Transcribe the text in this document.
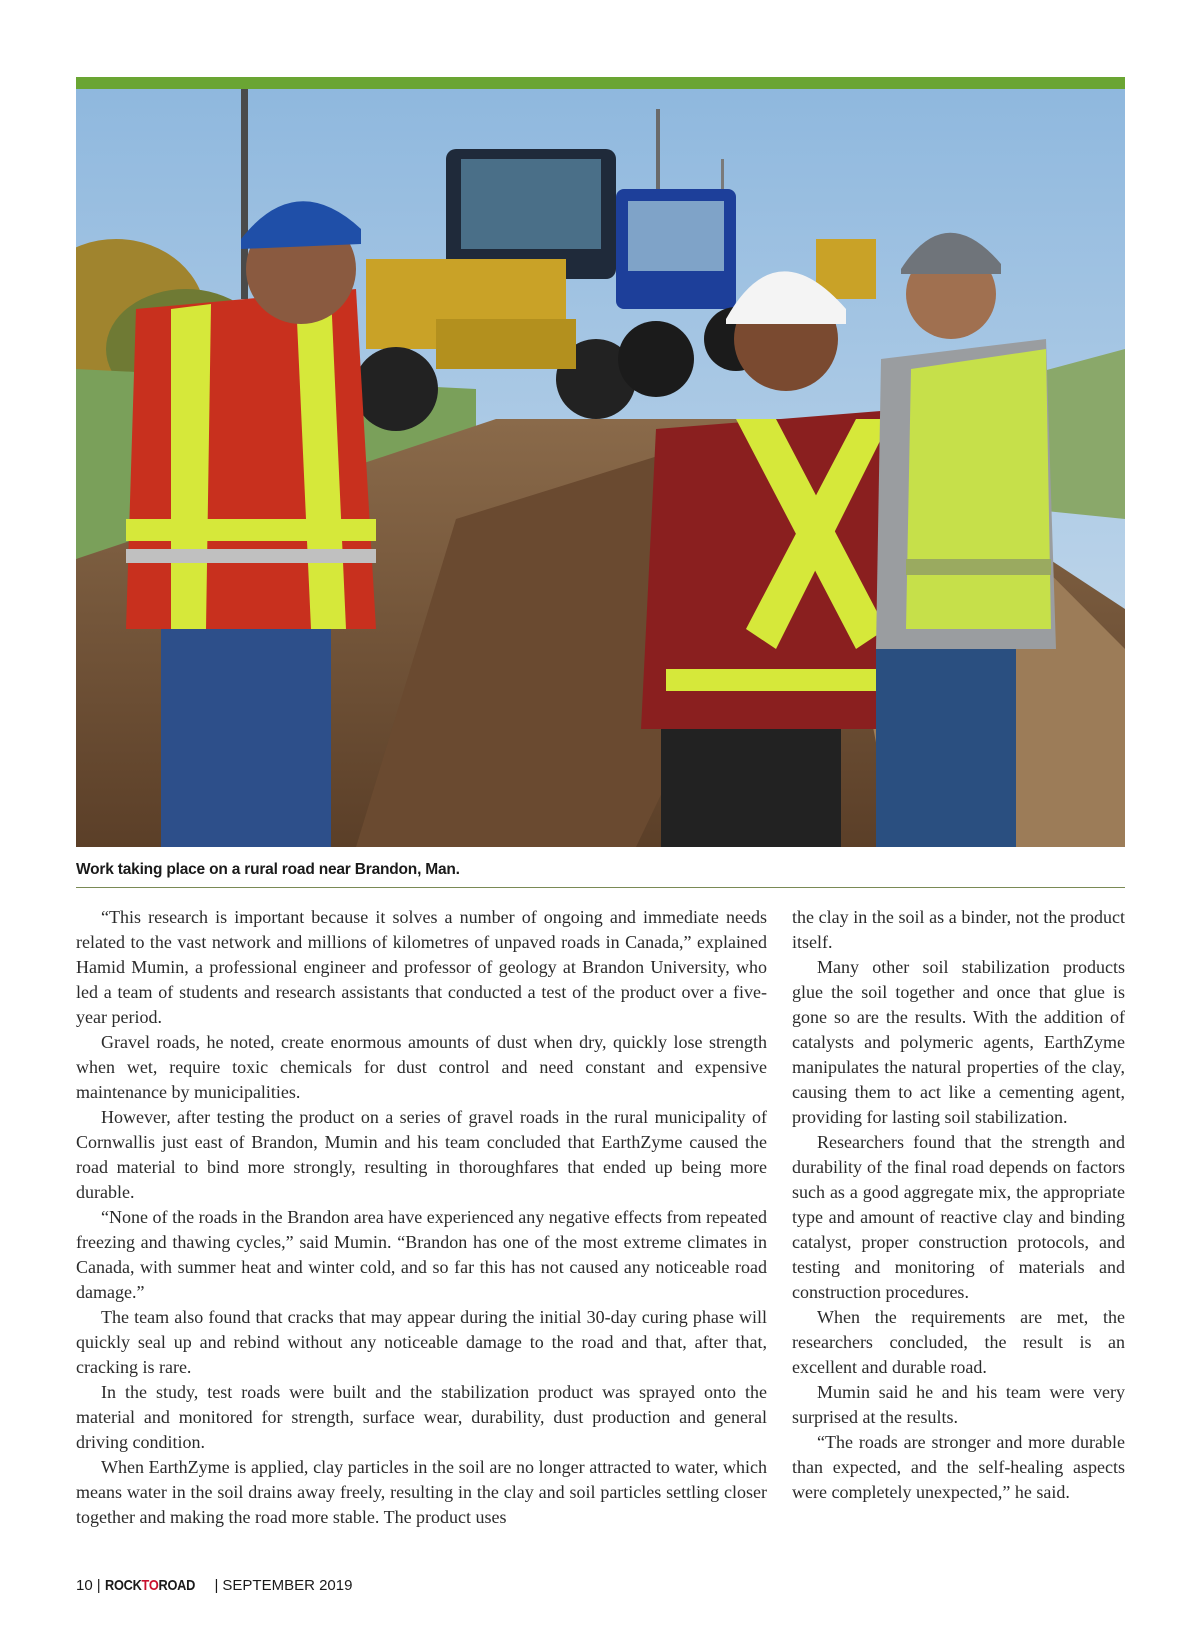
Work taking place on a rural road near Brandon, Man.

“This research is important because it solves a number of ongoing and immediate needs related to the vast network and millions of kilometres of unpaved roads in Canada,” explained Hamid Mumin, a professional engineer and professor of geology at Brandon University, who led a team of students and research assistants that conducted a test of the product over a five-year period.

Gravel roads, he noted, create enormous amounts of dust when dry, quickly lose strength when wet, require toxic chemicals for dust control and need constant and expensive maintenance by municipalities.

However, after testing the product on a series of gravel roads in the rural municipality of Cornwallis just east of Brandon, Mumin and his team concluded that EarthZyme caused the road material to bind more strongly, resulting in thoroughfares that ended up being more durable.

“None of the roads in the Brandon area have experienced any negative effects from repeated freezing and thawing cycles,” said Mumin. “Brandon has one of the most extreme climates in Canada, with summer heat and winter cold, and so far this has not caused any noticeable road damage.”

The team also found that cracks that may appear during the initial 30-day curing phase will quickly seal up and rebind without any noticeable damage to the road and that, after that, cracking is rare.

In the study, test roads were built and the stabilization product was sprayed onto the material and monitored for strength, surface wear, durability, dust production and general driving condition.

When EarthZyme is applied, clay particles in the soil are no longer attracted to water, which means water in the soil drains away freely, resulting in the clay and soil particles settling closer together and making the road more stable. The product uses

the clay in the soil as a binder, not the product itself.

Many other soil stabilization products glue the soil together and once that glue is gone so are the results. With the addition of catalysts and polymeric agents, EarthZyme manipulates the natural properties of the clay, causing them to act like a cementing agent, providing for lasting soil stabilization.

Researchers found that the strength and durability of the final road depends on factors such as a good aggregate mix, the appropriate type and amount of reactive clay and binding catalyst, proper construction protocols, and testing and monitoring of materials and construction procedures.

When the requirements are met, the researchers concluded, the result is an excellent and durable road.

Mumin said he and his team were very surprised at the results.

“The roads are stronger and more durable than expected, and the self-healing aspects were completely unexpected,” he said.

10 | ROCKTOROAD | SEPTEMBER 2019
